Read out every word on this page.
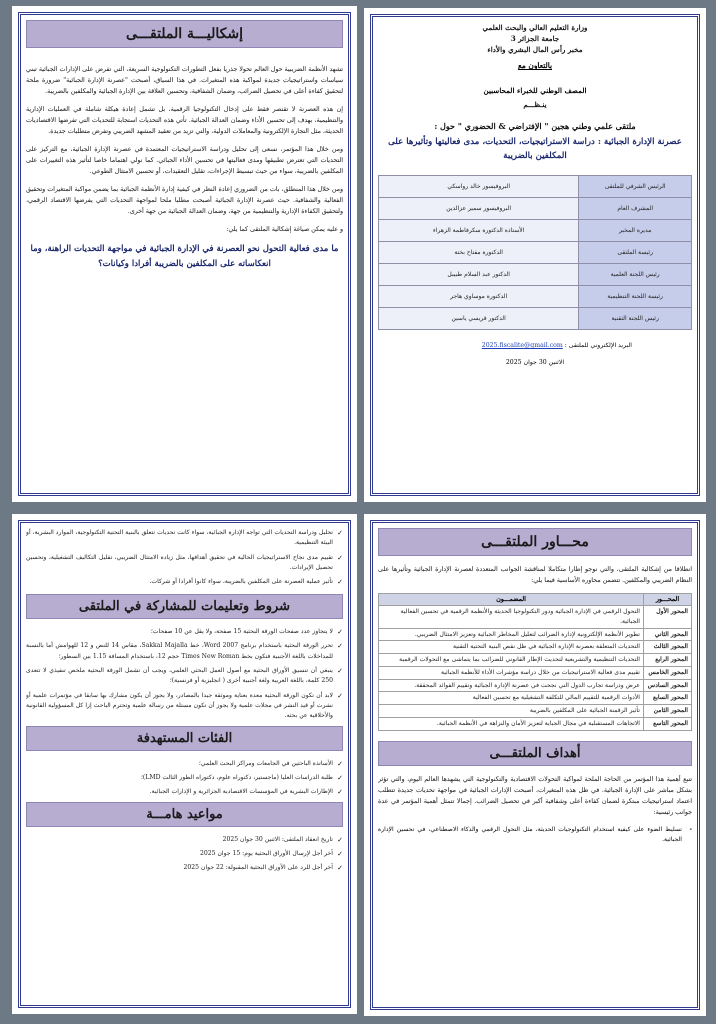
إشكاليـــة الملتقـــى

تشهد الأنظمة الضريبية حول العالم تحولا جذريا بفعل التطورات التكنولوجية السريعة، التي تفرض على الإدارات الجبائية تبني سياسات واستراتيجيات جديدة لمواكبة هذه المتغيرات. في هذا السياق، أصبحت "عصرنة الإدارة الجبائية" ضرورة ملحة لتحقيق كفاءة أعلى في تحصيل الضرائب، وضمان الشفافية، وتحسين العلاقة بين الإدارة الجبائية والمكلفين بالضريبة.

إن هذه العصرنة لا تقتصر فقط على إدخال التكنولوجيا الرقمية، بل تشمل إعادة هيكلة شاملة في العمليات الإدارية والتنظيمية، بهدف إلى تحسين الأداء وضمان العدالة الجبائية. تأتي هذه التحديات استجابة للتحديات التي تفرضها الاقتصاديات الحديثة، مثل التجارة الإلكترونية والمعاملات الدولية، والتي تزيد من تعقيد المشهد الضريبي وتفرض متطلبات جديدة.

ومن خلال هذا المؤتمر، نسعى إلى تحليل ودراسة الاستراتيجيات المعتمدة في عصرنة الإدارة الجبائية، مع التركيز على التحديات التي تعترض تطبيقها ومدى فعاليتها في تحسين الأداء الجبائي. كما نولي اهتماما خاصا لتأثير هذه التغييرات على المكلفين بالضريبة، سواء من حيث تبسيط الإجراءات، تقليل التعقيدات، أو تحسين الامتثال الطوعي.

ومن خلال هذا المنطلق، بات من الضروري إعادة النظر في كيفية إدارة الأنظمة الجبائية بما يضمن مواكبة المتغيرات وتحقيق الفعالية والشفافية. حيث عصرنة الإدارة الجبائية أصبحت مطلبا ملحا لمواجهة التحديات التي يفرضها الاقتصاد الرقمي، ولتحقيق الكفاءة الإدارية والتنظيمية من جهة، وضمان العدالة الجبائية من جهة أخرى.

و عليه يمكن صياغة إشكالية الملتقى كما يلي:

ما مدى فعالية التحول نحو العصرنة في الإدارة الجبائية في مواجهة التحديات الراهنة، وما انعكاساته على المكلفين بالضريبة أفرادا وكيانات؟

وزارة التعليم العالي والبحث العلمي
جامعة الجزائر 3
مخبر رأس المال البشري والأداء
بالتعاون مع
المصف الوطني للخبراء المحاسبين
ينـظـــم
ملتقى علمي وطني هجين " الإفتراضي & الحضوري " حول :
عصرنة الإدارة الجبائية : دراسة الاستراتيجيات، التحديات، مدى فعاليتها وتأثيرها على المكلفين بالضريبة
الرئيس الشرفي للملتقى	البروفيسور خالد رواسكي
المشرف العام	البروفيسور سمير عزالدين
مديرة المخبر	الأستاذة الدكتورة سكرفاطمة الزهراء
رئيسة الملتقى	الدكتورة مفتاح بختة
رئيس اللجنة العلمية	الدكتور عبد السلام طبيبل
رئيسة اللجنة التنظيمية	الدكتورة موساوي هاجر
رئيس اللجنة التقنية	الدكتور قريسي ياسين
البريد الإلكتروني للملتقى : 2025.fiscalite@gmail.com
الاثنين 30 جوان 2025
✓ تحليل ودراسة التحديات التي تواجه الإدارة الجبائية، سواء كانت تحديات تتعلق بالبنية التحتية التكنولوجية، الموارد البشرية، أو البيئة التنظيمية.
✓ تقييم مدى نجاح الاستراتيجيات الحالية في تحقيق أهدافها، مثل زيادة الامتثال الضريبي، تقليل التكاليف التشغيلية، وتحسين تحصيل الإيرادات.
✓ تأثير عملية العصرنة على المكلفين بالضريبة، سواء كانوا أفرادا أو شركات.
شروط وتعليمات للمشاركة في الملتقى
✓ لا يتجاوز عدد صفحات الورقة البحثية 15 صفحة، ولا يقل عن 10 صفحات؛
✓ تحرر الورقة البحثية باستخدام برنامج 2007 Word، خط Sakkal Majalla، مقاس 14 للنص و 12 للهوامش أما بالنسبة للمداخلات باللغة الأجنبية فتكون بخط Times New Roman حجم 12، باستخدام المسافة 1.15 بين السطور؛
✓ ينبغي أن تنسيق الأوراق البحثية مع أصول العمل البحثي العلمي، ويجب أن تشمل الورقة البحثية ملخص تنفيذي لا تتعدى 250 كلمة، باللغة العربية ولغة أجنبية أخرى ( انجليزية أو فرنسية)؛
✓ لابد أن تكون الورقة البحثية معدة بعناية وموثقة جيدا بالمصادر، ولا يجوز أن يكون مشارك بها سابقا في مؤتمرات علمية أو نشرت أو قيد النشر في مجلات علمية ولا يجوز أن تكون مستلة من رسالة علمية وتحترم الباحث إزا كل المسؤولية القانونية والأخلاقية عن بحثه.
الفئات المستهدفة
✓ الأساتذة الباحثين في الجامعات ومراكز البحث العلمي؛
✓ طلبة الدراسات العليا (ماجستير، دكتوراه علوم، دكتوراه الطور الثالث LMD)؛
✓ الإطارات البشرية في المؤسسات الاقتصادية الجزائرية و الإدارات الجبائية.
مواعيد هامـــة
✓ تاريخ انعقاد الملتقى: الاثنين 30 جوان 2025
✓ آخر أجل لإرسال الأوراق البحثية يوم: 15 جوان 2025
✓ آخر أجل للرد على الأوراق البحثية المقبولة: 22 جوان 2025
محـــاور الملتقـــى

انطلاقا من إشكالية الملتقى، والتي نوجو إطارا متكاملا لمناقشة الجوانب المتعددة لعصرنة الإدارة الجبائية وتأثيرها على النظام الضريبي والمكلفين. تتضمن محاوره الأساسية فيما يلي:

المحـــور	المضمـــون
المحور الأول	التحول الرقمي في الإدارة الجبائية ودور التكنولوجيا الحديثة والأنظمة الرقمية في تحسين الفعالية الجبائية.
المحور الثاني	تطوير الأنظمة الإلكترونية لإدارة الضرائب لتعليل المخاطر الجبائية وتعزيز الامتثال الضريبي.
المحور الثالث	التحديات المتعلقة بعصرنة الإدارة الجبائية في ظل نقص البنية التحتية التقنية
المحور الرابع	التحديات التنظيمية والتشريعية لتحديث الإطار القانوني للضرائب بما يتماشى مع التحولات الرقمية
المحور الخامس	تقييم مدى فعالية الاستراتيجيات من خلال دراسة مؤشرات الأداء للأنظمة الجبائية
المحور السادس	عرض ودراسة تجارب الدول التي نجحت في عصرنة الإدارة الجبائية وتقييم الفوائد المحققة.
المحور السابع	الأدوات الرقمية للتقييم المالي للتكلفة التشغيلية مع تحسين الفعالية
المحور الثامن	تأثير الرقمنة الجبائية على المكلفين بالضريبة
المحور التاسع	الاتجاهات المستقبلية في مجال الجباية لتعزيز الأمان والنزاهة في الأنظمة الجبائية.
أهداف الملتقـــى

تنبع أهمية هذا المؤتمر من الحاجة الملحة لمواكبة التحولات الاقتصادية والتكنولوجية التي يشهدها العالم اليوم، والتي تؤثر بشكل مباشر على الإدارة الجبائية. في ظل هذه المتغيرات، أصبحت الإدارات الجبائية في مواجهة تحديات جديدة تتطلب اعتماد استراتيجيات مبتكرة لضمان كفاءة أعلى وشفافية أكبر في تحصيل الضرائب. إجمالا تتمثل أهمية المؤتمر في عدة جوانب رئيسية:

- تسليط الضوء على كيفية استخدام التكنولوجيات الحديثة، مثل التحول الرقمي والذكاء الاصطناعي، في تحسين الإدارة الجبائية.
